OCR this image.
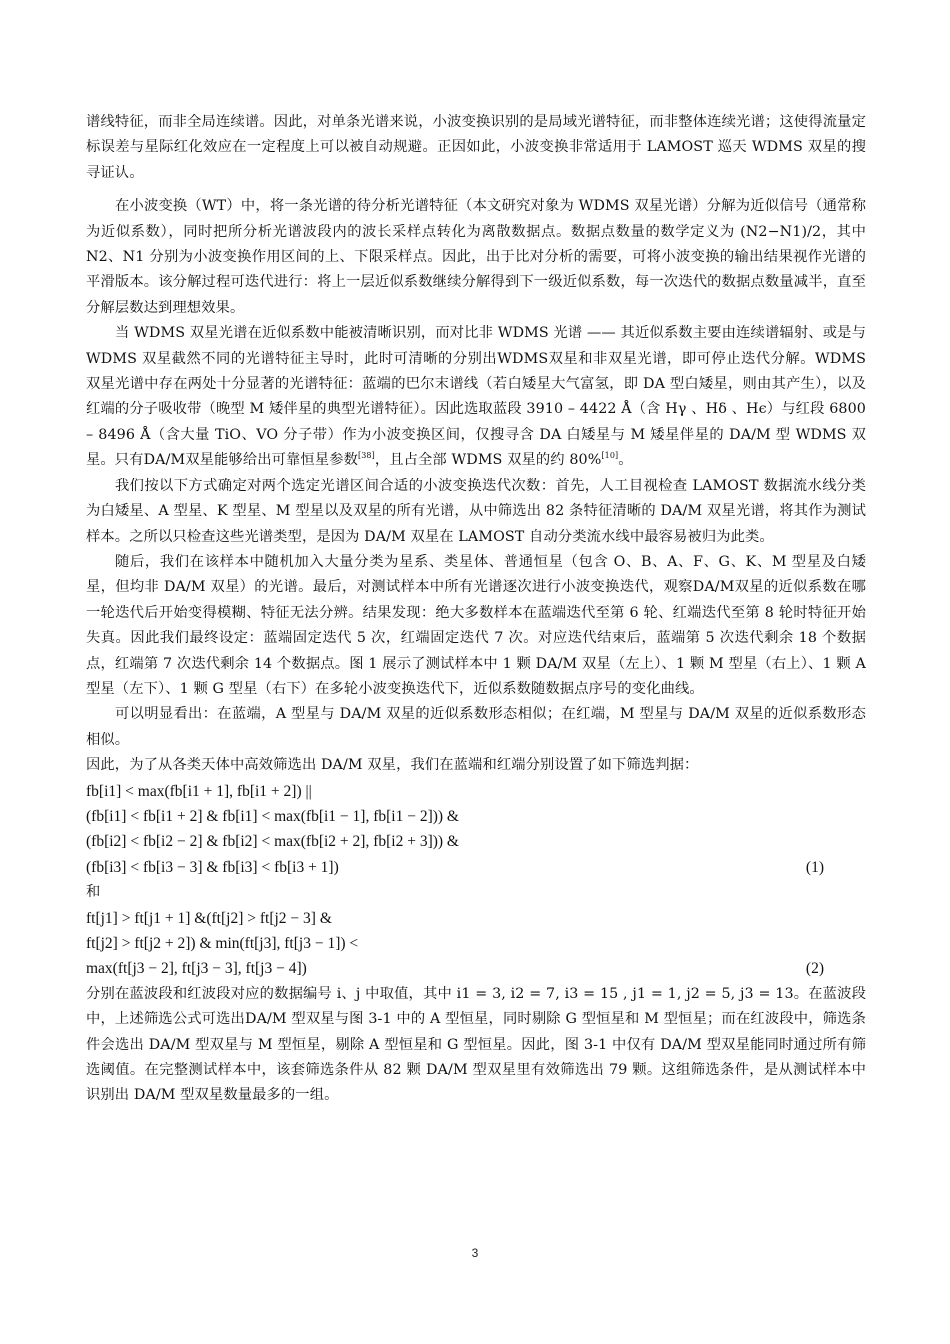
谱线特征，而非全局连续谱。因此，对单条光谱来说，小波变换识别的是局域光谱特征，而非整体连续光谱；这使得流量定标误差与星际红化效应在一定程度上可以被自动规避。正因如此，小波变换非常适用于 LAMOST 巡天 WDMS 双星的搜寻证认。

在小波变换（WT）中，将一条光谱的待分析光谱特征（本文研究对象为 WDMS 双星光谱）分解为近似信号（通常称为近似系数），同时把所分析光谱波段内的波长采样点转化为离散数据点。数据点数量的数学定义为 (N2−N1)/2，其中 N2、N1 分别为小波变换作用区间的上、下限采样点。因此，出于比对分析的需要，可将小波变换的输出结果视作光谱的平滑版本。该分解过程可迭代进行：将上一层近似系数继续分解得到下一级近似系数，每一次迭代的数据点数量减半，直至分解层数达到理想效果。

当 WDMS 双星光谱在近似系数中能被清晰识别，而对比非 WDMS 光谱 —— 其近似系数主要由连续谱辐射、或是与 WDMS 双星截然不同的光谱特征主导时，此时可清晰的分别出WDMS双星和非双星光谱，即可停止迭代分解。WDMS 双星光谱中存在两处十分显著的光谱特征：蓝端的巴尔末谱线（若白矮星大气富氢，即 DA 型白矮星，则由其产生），以及红端的分子吸收带（晚型 M 矮伴星的典型光谱特征）。因此选取蓝段 3910 – 4422 Å（含 Hγ 、Hδ 、Hϵ）与红段 6800 – 8496 Å（含大量 TiO、VO 分子带）作为小波变换区间，仅搜寻含 DA 白矮星与 M 矮星伴星的 DA/M 型 WDMS 双星。只有DA/M双星能够给出可靠恒星参数[38]，且占全部 WDMS 双星的约 80%[10]。

我们按以下方式确定对两个选定光谱区间合适的小波变换迭代次数：首先，人工目视检查 LAMOST 数据流水线分类为白矮星、A 型星、K 型星、M 型星以及双星的所有光谱，从中筛选出 82 条特征清晰的 DA/M 双星光谱，将其作为测试样本。之所以只检查这些光谱类型，是因为 DA/M 双星在 LAMOST 自动分类流水线中最容易被归为此类。

随后，我们在该样本中随机加入大量分类为星系、类星体、普通恒星（包含 O、B、A、F、G、K、M 型星及白矮星，但均非 DA/M 双星）的光谱。最后，对测试样本中所有光谱逐次进行小波变换迭代，观察DA/M双星的近似系数在哪一轮迭代后开始变得模糊、特征无法分辨。结果发现：绝大多数样本在蓝端迭代至第 6 轮、红端迭代至第 8 轮时特征开始失真。因此我们最终设定：蓝端固定迭代 5 次，红端固定迭代 7 次。对应迭代结束后，蓝端第 5 次迭代剩余 18 个数据点，红端第 7 次迭代剩余 14 个数据点。图 1 展示了测试样本中 1 颗 DA/M 双星（左上）、1 颗 M 型星（右上）、1 颗 A 型星（左下）、1 颗 G 型星（右下）在多轮小波变换迭代下，近似系数随数据点序号的变化曲线。

可以明显看出：在蓝端，A 型星与 DA/M 双星的近似系数形态相似；在红端，M 型星与 DA/M 双星的近似系数形态相似。

因此，为了从各类天体中高效筛选出 DA/M 双星，我们在蓝端和红端分别设置了如下筛选判据：

fb[i1] < max(fb[i1 + 1], fb[i1 + 2]) ||

(fb[i1] < fb[i1 + 2] & fb[i1] < max(fb[i1 − 1], fb[i1 − 2])) &

(fb[i2] < fb[i2 − 2] & fb[i2] < max(fb[i2 + 2], fb[i2 + 3])) &

(fb[i3] < fb[i3 − 3] & fb[i3] < fb[i3 + 1])	(1)

和

ft[j1] > ft[j1 + 1] &(ft[j2] > ft[j2 − 3] &

ft[j2] > ft[j2 + 2]) & min(ft[j3], ft[j3 − 1]) <

max(ft[j3 − 2], ft[j3 − 3], ft[j3 − 4])	(2)

分别在蓝波段和红波段对应的数据编号 i、j 中取值，其中 i1 = 3, i2 = 7, i3 = 15 , j1 = 1, j2 = 5, j3 = 13。在蓝波段中，上述筛选公式可选出DA/M 型双星与图 3-1 中的 A 型恒星，同时剔除 G 型恒星和 M 型恒星；而在红波段中，筛选条件会选出 DA/M 型双星与 M 型恒星，剔除 A 型恒星和 G 型恒星。因此，图 3-1 中仅有 DA/M 型双星能同时通过所有筛选阈值。在完整测试样本中，该套筛选条件从 82 颗 DA/M 型双星里有效筛选出 79 颗。这组筛选条件，是从测试样本中识别出 DA/M 型双星数量最多的一组。

3
